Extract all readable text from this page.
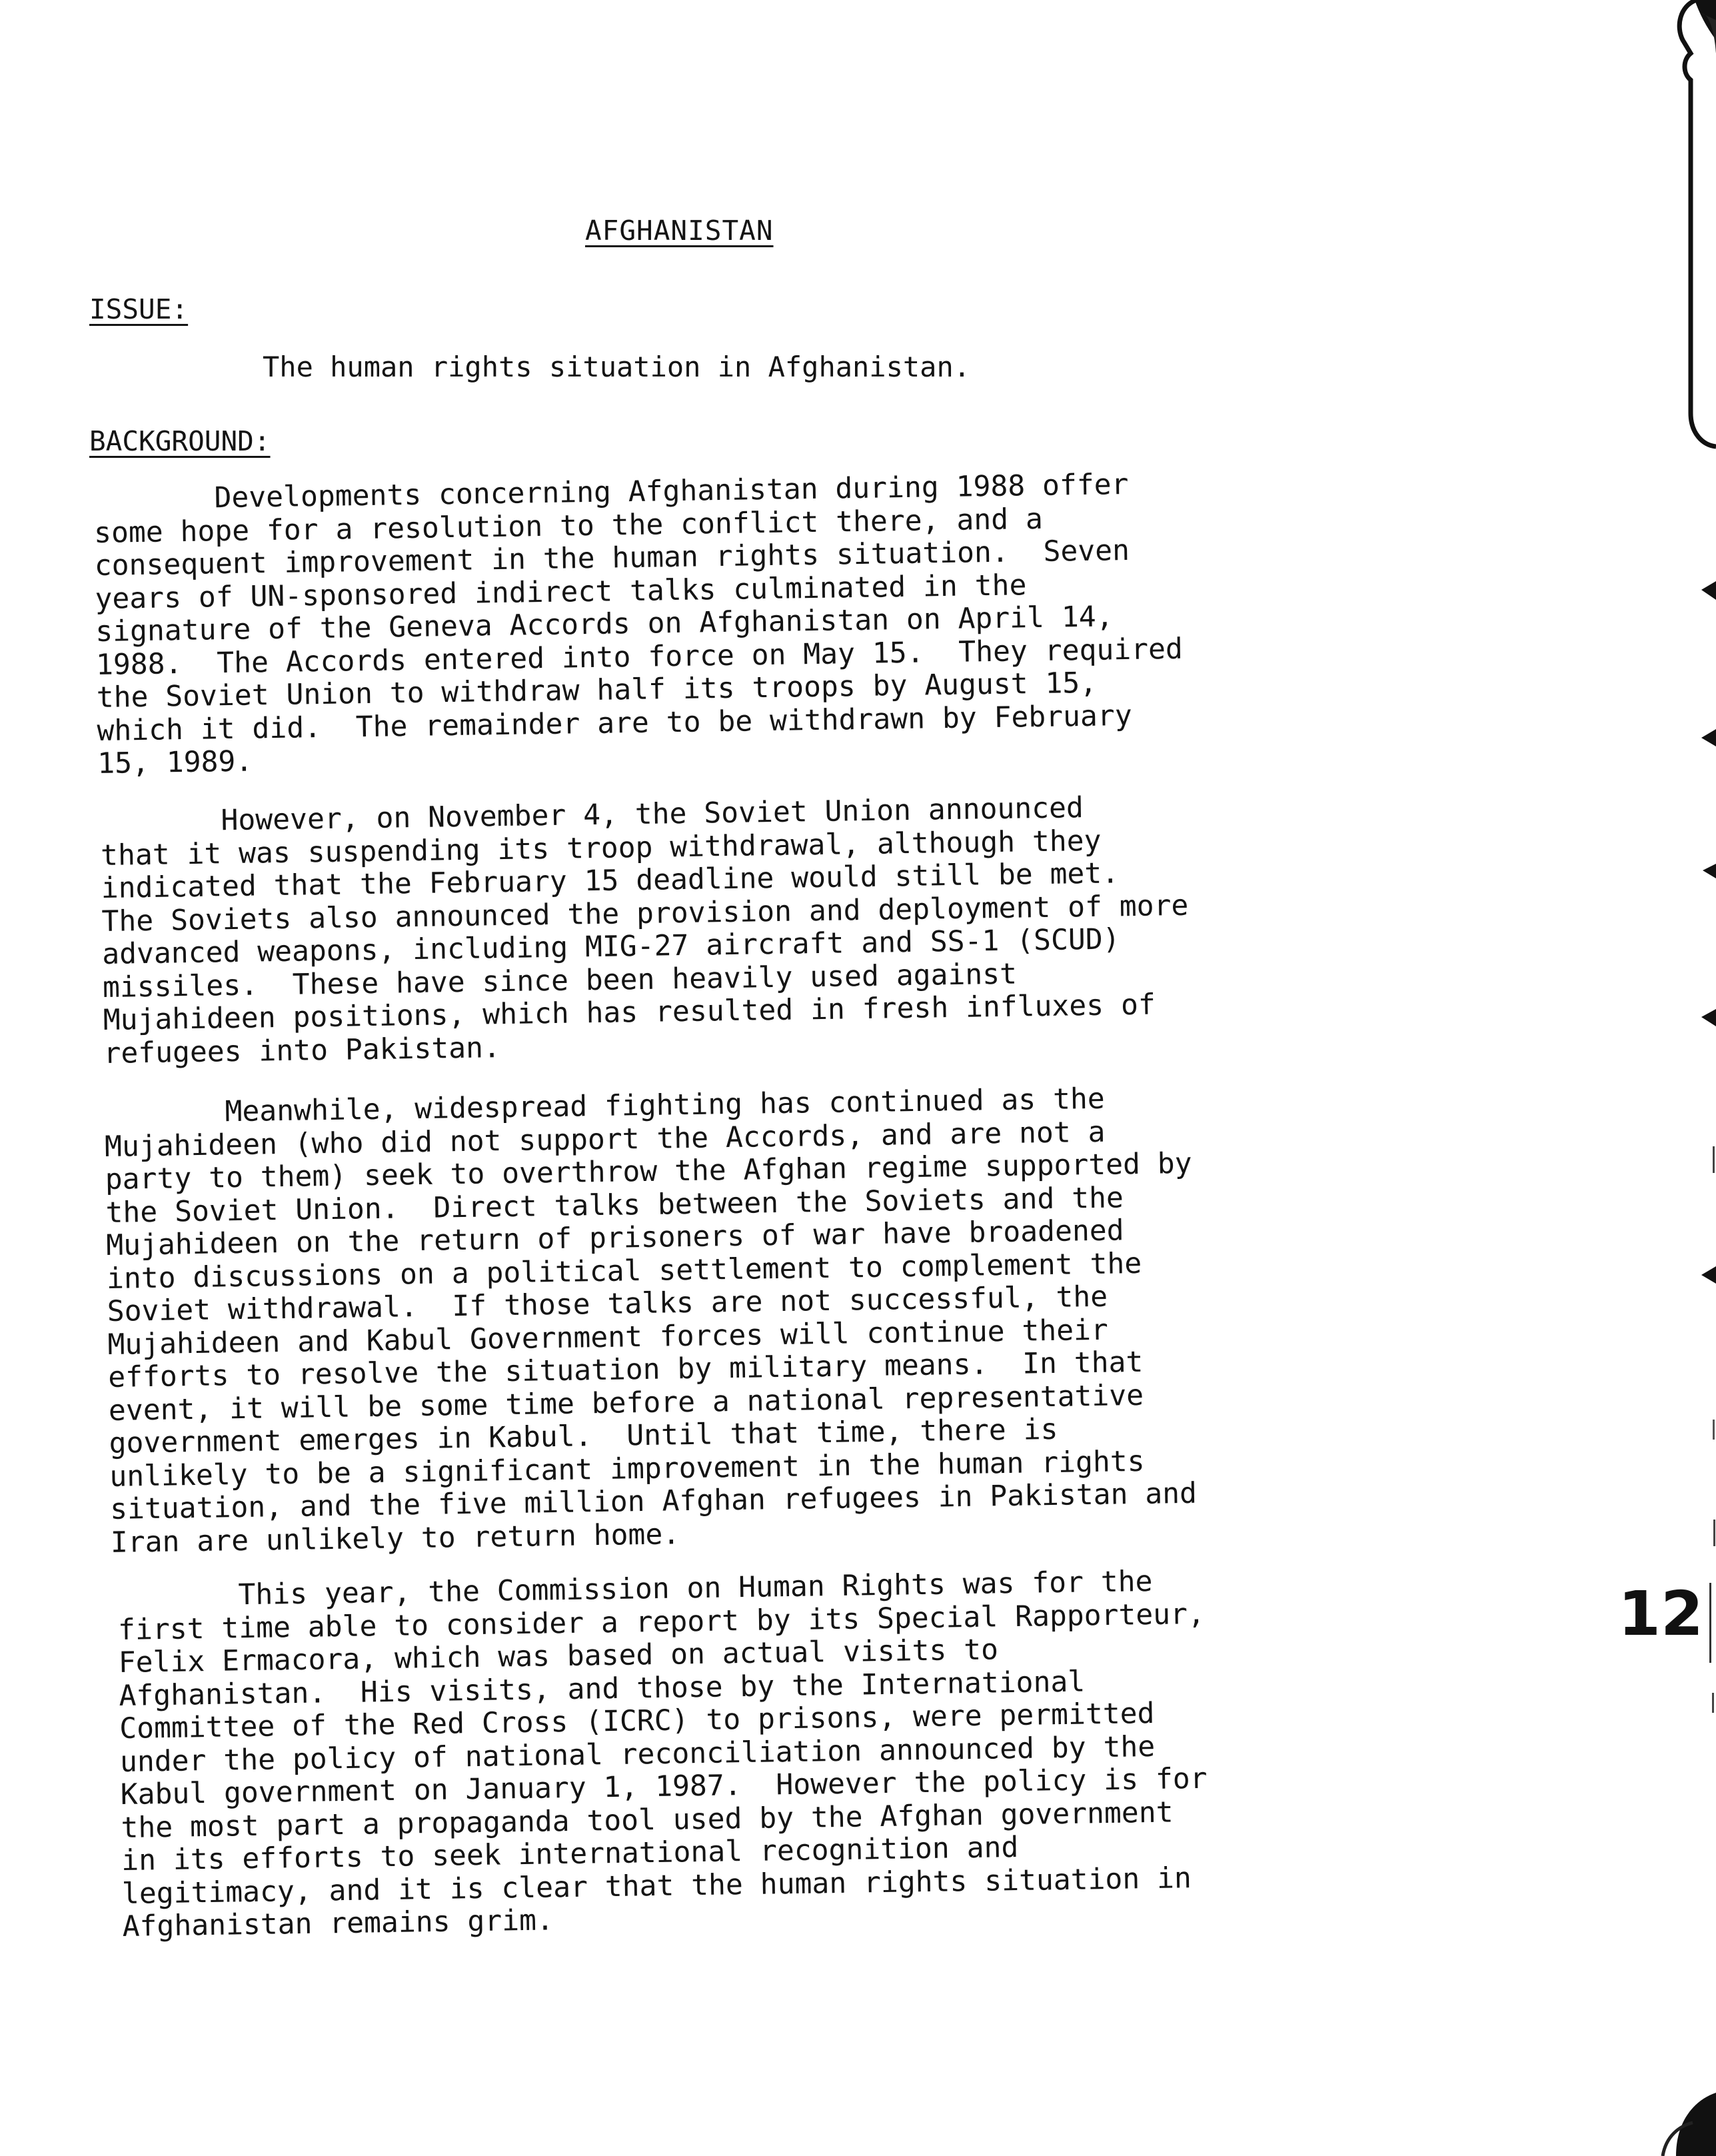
AFGHANISTAN
ISSUE:
The human rights situation in Afghanistan.
BACKGROUND:

Developments concerning Afghanistan during 1988 offer
some hope for a resolution to the conflict there, and a
consequent improvement in the human rights situation.  Seven
years of UN-sponsored indirect talks culminated in the
signature of the Geneva Accords on Afghanistan on April 14,
1988.  The Accords entered into force on May 15.  They required
the Soviet Union to withdraw half its troops by August 15,
which it did.  The remainder are to be withdrawn by February
15, 1989.

However, on November 4, the Soviet Union announced
that it was suspending its troop withdrawal, although they
indicated that the February 15 deadline would still be met.
The Soviets also announced the provision and deployment of more
advanced weapons, including MIG-27 aircraft and SS-1 (SCUD)
missiles.  These have since been heavily used against
Mujahideen positions, which has resulted in fresh influxes of
refugees into Pakistan.

Meanwhile, widespread fighting has continued as the
Mujahideen (who did not support the Accords, and are not a
party to them) seek to overthrow the Afghan regime supported by
the Soviet Union.  Direct talks between the Soviets and the
Mujahideen on the return of prisoners of war have broadened
into discussions on a political settlement to complement the
Soviet withdrawal.  If those talks are not successful, the
Mujahideen and Kabul Government forces will continue their
efforts to resolve the situation by military means.  In that
event, it will be some time before a national representative
government emerges in Kabul.  Until that time, there is
unlikely to be a significant improvement in the human rights
situation, and the five million Afghan refugees in Pakistan and
Iran are unlikely to return home.

This year, the Commission on Human Rights was for the
first time able to consider a report by its Special Rapporteur,
Felix Ermacora, which was based on actual visits to
Afghanistan.  His visits, and those by the International
Committee of the Red Cross (ICRC) to prisons, were permitted
under the policy of national reconciliation announced by the
Kabul government on January 1, 1987.  However the policy is for
the most part a propaganda tool used by the Afghan government
in its efforts to seek international recognition and
legitimacy, and it is clear that the human rights situation in
Afghanistan remains grim.

12
